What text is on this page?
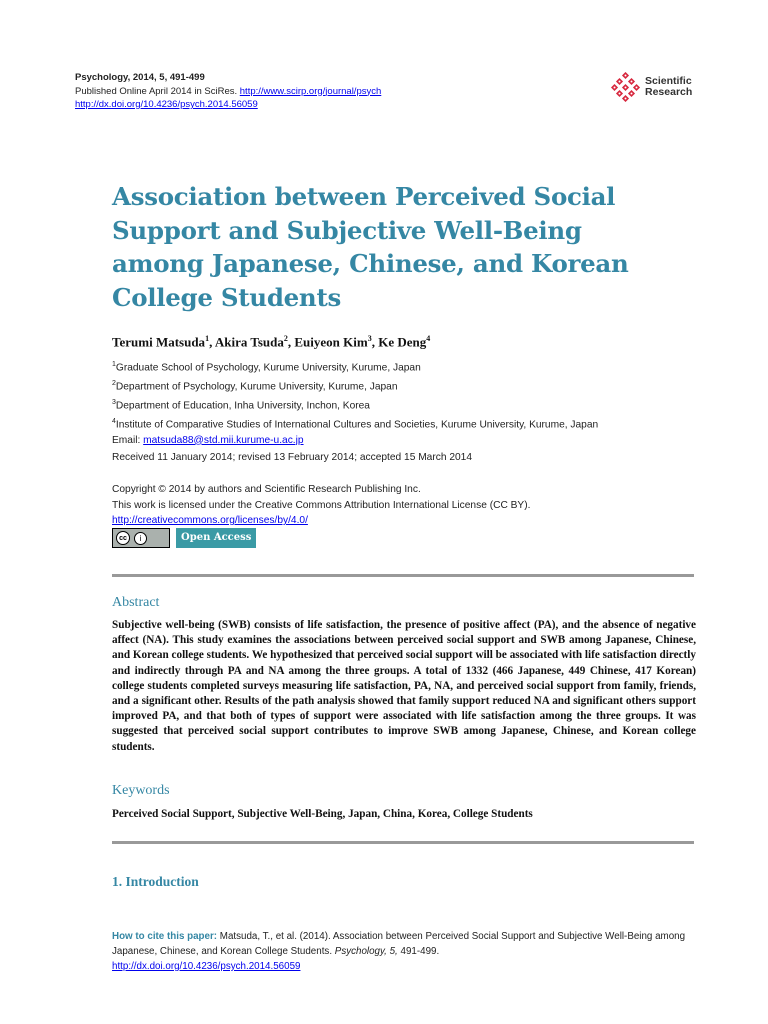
Psychology, 2014, 5, 491-499
Published Online April 2014 in SciRes. http://www.scirp.org/journal/psych
http://dx.doi.org/10.4236/psych.2014.56059
Scientific
Research
Association between Perceived Social Support and Subjective Well-Being among Japanese, Chinese, and Korean College Students
Terumi Matsuda$^1$, Akira Tsuda$^2$, Euiyeon Kim$^3$, Ke Deng$^4$
$^1$Graduate School of Psychology, Kurume University, Kurume, Japan
$^2$Department of Psychology, Kurume University, Kurume, Japan
$^3$Department of Education, Inha University, Inchon, Korea
$^4$Institute of Comparative Studies of International Cultures and Societies, Kurume University, Kurume, Japan
Email: matsuda88@std.mii.kurume-u.ac.jp
Received 11 January 2014; revised 13 February 2014; accepted 15 March 2014
Copyright © 2014 by authors and Scientific Research Publishing Inc.
This work is licensed under the Creative Commons Attribution International License (CC BY).
http://creativecommons.org/licenses/by/4.0/
cc	i	Open Access
Abstract

Subjective well-being (SWB) consists of life satisfaction, the presence of positive affect (PA), and the absence of negative affect (NA). This study examines the associations between perceived social support and SWB among Japanese, Chinese, and Korean college students. We hypothesized that perceived social support will be associated with life satisfaction directly and indirectly through PA and NA among the three groups. A total of 1332 (466 Japanese, 449 Chinese, 417 Korean) college students completed surveys measuring life satisfaction, PA, NA, and perceived social support from family, friends, and a significant other. Results of the path analysis showed that family support reduced NA and significant others support improved PA, and that both of types of support were associated with life satisfaction among the three groups. It was suggested that perceived social support contributes to improve SWB among Japanese, Chinese, and Korean college students.

Keywords
Perceived Social Support, Subjective Well-Being, Japan, China, Korea, College Students
1. Introduction

How to cite this paper: Matsuda, T., et al. (2014). Association between Perceived Social Support and Subjective Well-Being among Japanese, Chinese, and Korean College Students. Psychology, 5, 491-499.
http://dx.doi.org/10.4236/psych.2014.56059
